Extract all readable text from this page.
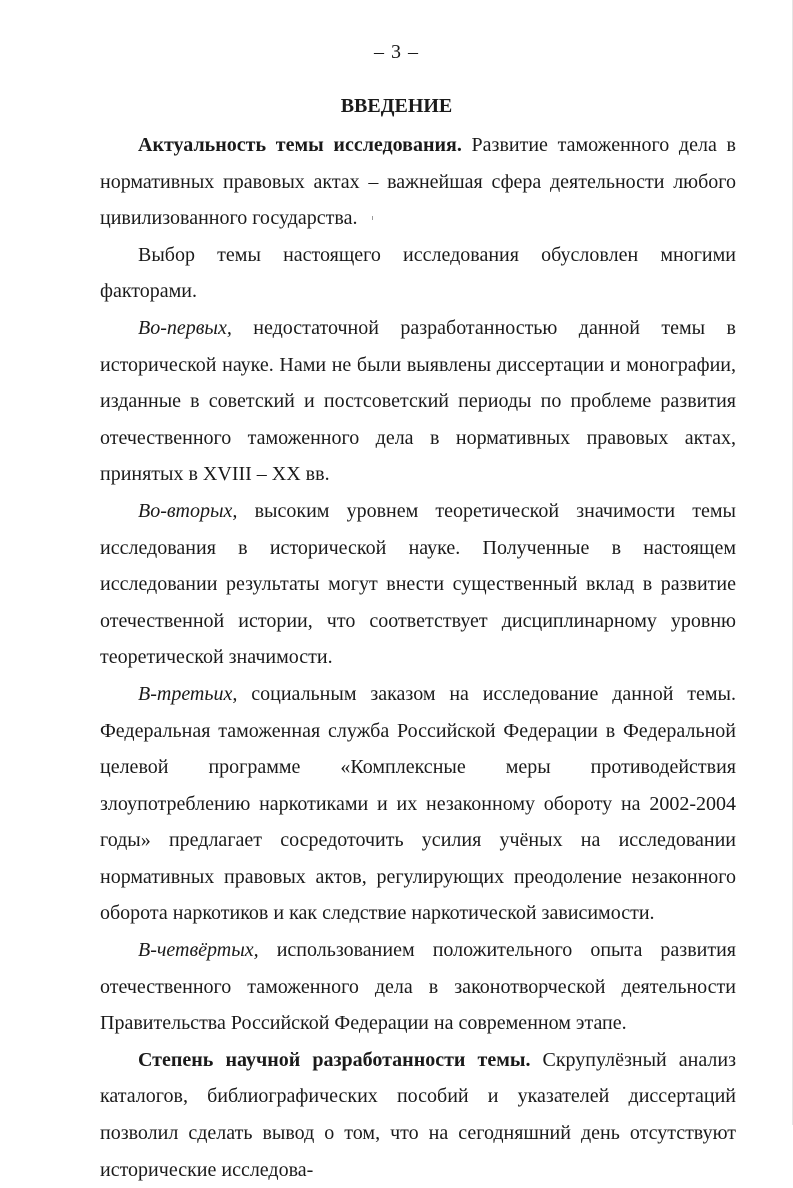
– 3 –
ВВЕДЕНИЕ

Актуальность темы исследования. Развитие таможенного дела в нормативных правовых актах – важнейшая сфера деятельности любого цивилизованного государства.

Выбор темы настоящего исследования обусловлен многими факторами.

Во-первых, недостаточной разработанностью данной темы в исторической науке. Нами не были выявлены диссертации и монографии, изданные в советский и постсоветский периоды по проблеме развития отечественного таможенного дела в нормативных правовых актах, принятых в XVIII – XX вв.

Во-вторых, высоким уровнем теоретической значимости темы исследования в исторической науке. Полученные в настоящем исследовании результаты могут внести существенный вклад в развитие отечественной истории, что соответствует дисциплинарному уровню теоретической значимости.

В-третьих, социальным заказом на исследование данной темы. Федеральная таможенная служба Российской Федерации в Федеральной целевой программе «Комплексные меры противодействия злоупотреблению наркотиками и их незаконному обороту на 2002-2004 годы» предлагает сосредоточить усилия учёных на исследовании нормативных правовых актов, регулирующих преодоление незаконного оборота наркотиков и как следствие наркотической зависимости.

В-четвёртых, использованием положительного опыта развития отечественного таможенного дела в законотворческой деятельности Правительства Российской Федерации на современном этапе.

Степень научной разработанности темы. Скрупулёзный анализ каталогов, библиографических пособий и указателей диссертаций позволил сделать вывод о том, что на сегодняшний день отсутствуют исторические исследова-
